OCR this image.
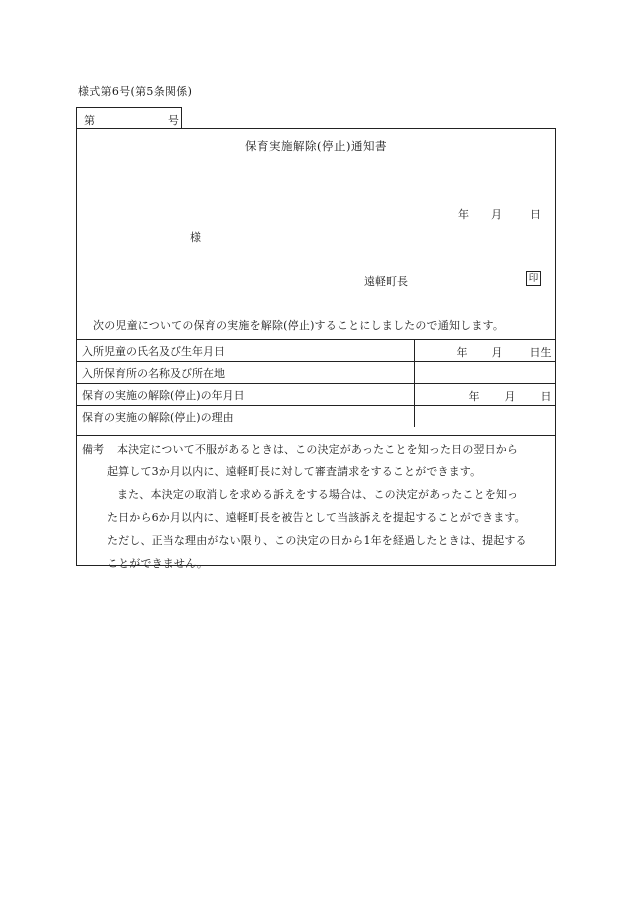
様式第6号(第5条関係)
第	号
保育実施解除(停止)通知書
年 月	日
様
遠軽町長	印
次の児童についての保育の実施を解除(停止)することにしましたので通知します。
入所児童の氏名及び生年月日	年 月 日生

入所保育所の名称及び所在地	

保育の実施の解除(停止)の年月日	年 月 日

保育の実施の解除(停止)の理由	
備考 本決定について不服があるときは、この決定があったことを知った日の翌日から
起算して3か月以内に、遠軽町長に対して審査請求をすることができます。
また、本決定の取消しを求める訴えをする場合は、この決定があったことを知っ
た日から6か月以内に、遠軽町長を被告として当該訴えを提起することができます。
ただし、正当な理由がない限り、この決定の日から1年を経過したときは、提起する
ことができません。
